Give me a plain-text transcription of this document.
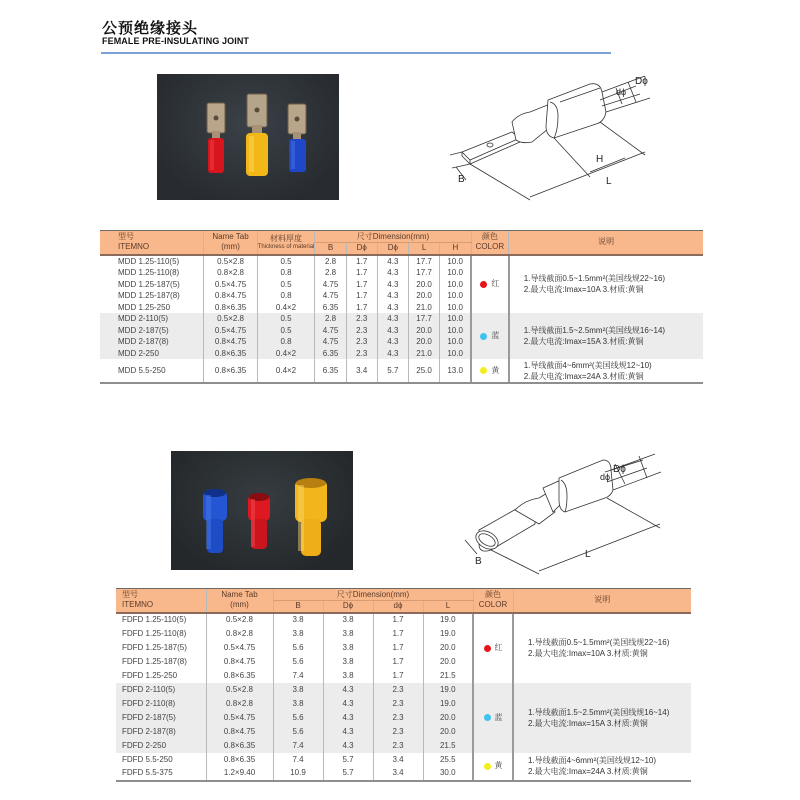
公预绝缘接头
FEMALE PRE-INSULATING JOINT
Dϕ
dϕ
H
L
B
型号
ITEMNO	Name Tab
(mm)	材料厚度
Thickness of material	尺寸Dimension(mm)					颜色
COLOR	说明
			B	Dϕ	Dϕ	L	H		
MDD 1.25-110(5)	0.5×2.8	0.5	2.8	1.7	4.3	17.7	10.0	红	1.导线截面0.5~1.5mm²(美国线规22~16)
2.最大电流:Imax=10A 3.材质:黄铜

MDD 1.25-110(8)	0.8×2.8	0.8	2.8	1.7	4.3	17.7	10.0		
MDD 1.25-187(5)	0.5×4.75	0.5	4.75	1.7	4.3	20.0	10.0		
MDD 1.25-187(8)	0.8×4.75	0.8	4.75	1.7	4.3	20.0	10.0		
MDD 1.25-250	0.8×6.35	0.4×2	6.35	1.7	4.3	21.0	10.0		
MDD 2-110(5)	0.5×2.8	0.5	2.8	2.3	4.3	17.7	10.0	蓝	1.导线截面1.5~2.5mm²(美国线规16~14)
2.最大电流:Imax=15A 3.材质:黄铜

MDD 2-187(5)	0.5×4.75	0.5	4.75	2.3	4.3	20.0	10.0		
MDD 2-187(8)	0.8×4.75	0.8	4.75	2.3	4.3	20.0	10.0		
MDD 2-250	0.8×6.35	0.4×2	6.35	2.3	4.3	21.0	10.0		
MDD 5.5-250	0.8×6.35	0.4×2	6.35	3.4	5.7	25.0	13.0	黄	1.导线截面4~6mm²(美国线规12~10)
2.最大电流:Imax=24A 3.材质:黄铜
Dϕ
dϕ
L
B
型号
ITEMNO	Name Tab
(mm)	尺寸Dimension(mm)				颜色
COLOR	说明
		B	Dϕ	dϕ	L		
FDFD 1.25-110(5)	0.5×2.8	3.8	3.8	1.7	19.0	红	1.导线截面0.5~1.5mm²(美国线规22~16)
2.最大电流:Imax=10A 3.材质:黄铜

FDFD 1.25-110(8)	0.8×2.8	3.8	3.8	1.7	19.0		
FDFD 1.25-187(5)	0.5×4.75	5.6	3.8	1.7	20.0		
FDFD 1.25-187(8)	0.8×4.75	5.6	3.8	1.7	20.0		
FDFD 1.25-250	0.8×6.35	7.4	3.8	1.7	21.5		
FDFD 2-110(5)	0.5×2.8	3.8	4.3	2.3	19.0	蓝	1.导线截面1.5~2.5mm²(美国线规16~14)
2.最大电流:Imax=15A 3.材质:黄铜

FDFD 2-110(8)	0.8×2.8	3.8	4.3	2.3	19.0		
FDFD 2-187(5)	0.5×4.75	5.6	4.3	2.3	20.0		
FDFD 2-187(8)	0.8×4.75	5.6	4.3	2.3	20.0		
FDFD 2-250	0.8×6.35	7.4	4.3	2.3	21.5		
FDFD 5.5-250	0.8×6.35	7.4	5.7	3.4	25.5	黄	1.导线截面4~6mm²(美国线规12~10)
2.最大电流:Imax=24A 3.材质:黄铜

FDFD 5.5-375	1.2×9.40	10.9	5.7	3.4	30.0		
